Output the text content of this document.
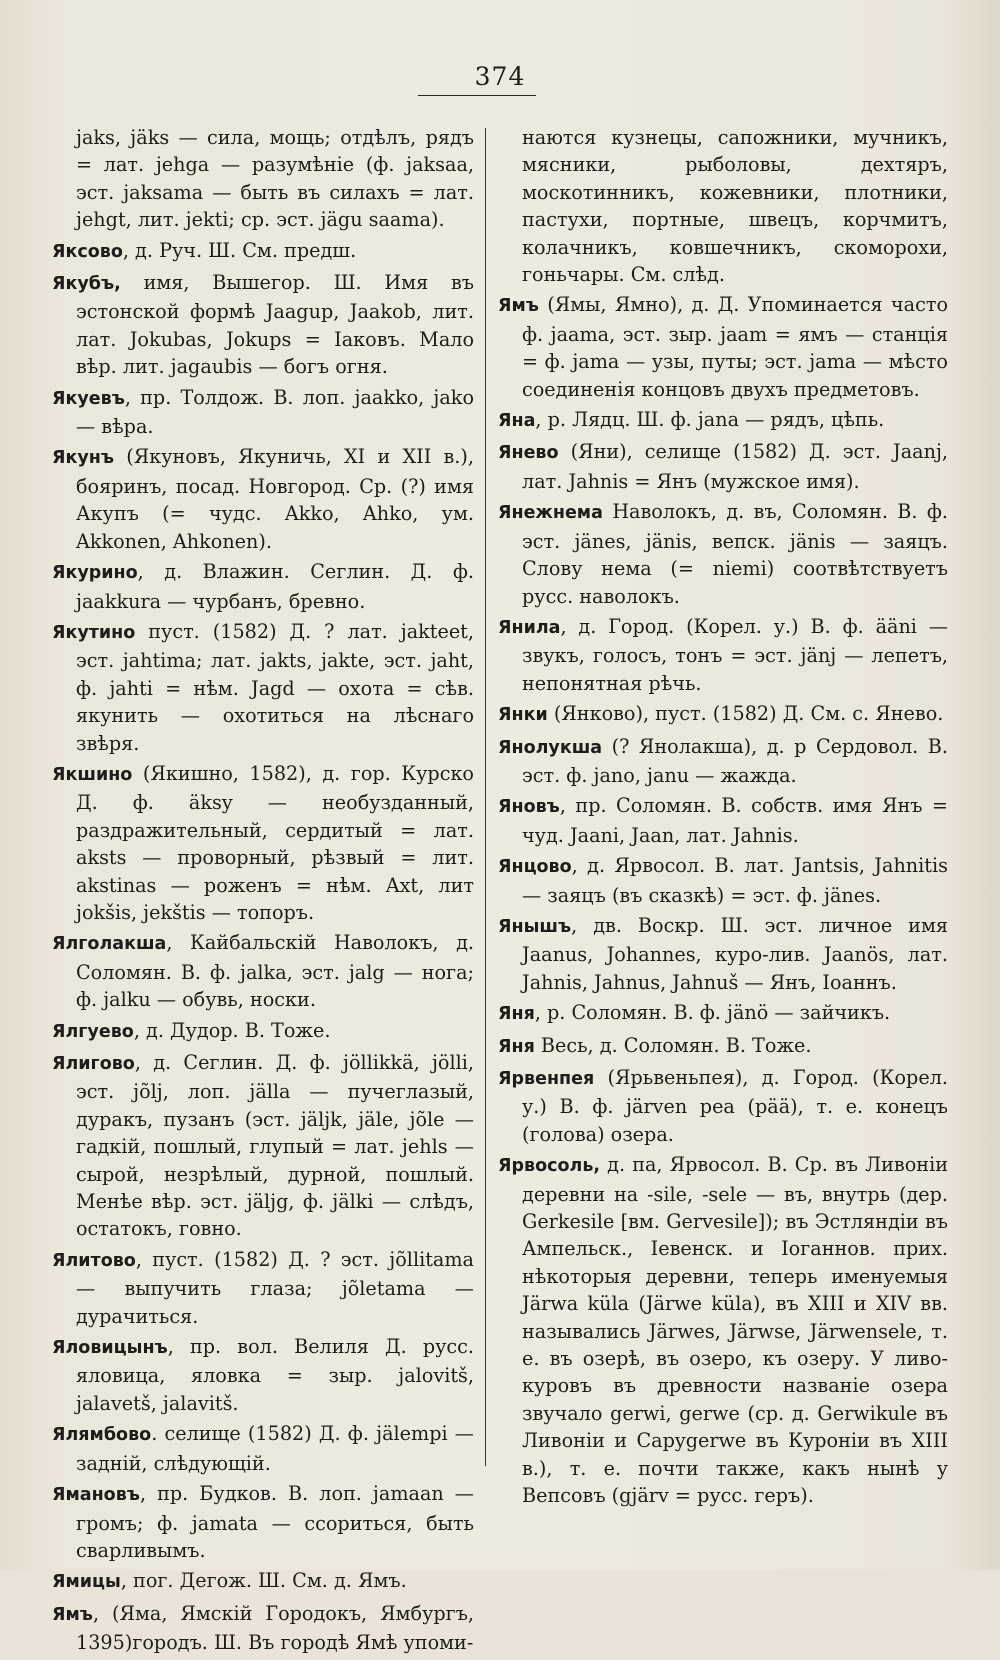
374

jaks, jäks — сила, мощь; отдѣлъ, рядъ = лат. jehga — разумѣніе (ф. jaksaa, эст. jaksama — быть въ силахъ = лат. jehgt, лит. jekti; ср. эст. jägu saama).

Яксово, д. Руч. Ш. См. предш.

Якубъ, имя, Вышегор. Ш. Имя въ эстонской формѣ Jaagup, Jaakob, лит. лат. Jokubas, Jokups = Іаковъ. Мало вѣр. лит. jagaubis — богъ огня.

Якуевъ, пр. Толдож. В. лоп. jaakko, jako — вѣра.

Якунъ (Якуновъ, Якуничь, XI и XII в.), бояринъ, посад. Новгород. Ср. (?) имя Акупъ (= чудс. Akko, Ahko, ум. Akkonen, Ahkonen).

Якурино, д. Влажин. Сеглин. Д. ф. jaakkura — чурбанъ, бревно.

Якутино пуст. (1582) Д. ? лат. jakteet, эст. jahtima; лат. jakts, jakte, эст. jaht, ф. jahti = нѣм. Jagd — охота = сѣв. якунить — охотиться на лѣснаго звѣря.

Якшино (Якишно, 1582), д. гор. Курско Д. ф. äksy — необузданный, раздражительный, сердитый = лат. aksts — проворный, рѣзвый = лит. akstinas — роженъ = нѣм. Axt, лит jokšis, jekštis — топоръ.

Ялголакша, Кайбальскій Наволокъ, д. Соломян. В. ф. jalka, эст. jalg — нога; ф. jalku — обувь, носки.

Ялгуево, д. Дудор. В. Тоже.

Ялигово, д. Сеглин. Д. ф. jöllikkä, jölli, эст. jõlj, лоп. jälla — пучеглазый, дуракъ, пузанъ (эст. jäljk, jäle, jõle — гадкій, пошлый, глупый = лат. jehls — сырой, незрѣлый, дурной, пошлый. Менѣе вѣр. эст. jäljg, ф. jälki — слѣдъ, остатокъ, говно.

Ялитово, пуст. (1582) Д. ? эст. jõllitama — выпучить глаза; jõletama — дурачиться.

Яловицынъ, пр. вол. Велиля Д. русс. яловица, яловка = зыр. jalovitš, jalavetš, jalavitš.

Ялямбово. селище (1582) Д. ф. jälempi — задній, слѣдующій.

Ямановъ, пр. Будков. В. лоп. jamaan — громъ; ф. jamata — ссориться, быть сварливымъ.

Ямицы, пог. Дегож. Ш. См. д. Ямъ.

Ямъ, (Яма, Ямскій Городокъ, Ямбургъ, 1395)городъ. Ш. Въ городѣ Ямѣ упоми-

наются кузнецы, сапожники, мучникъ, мясники, рыболовы, дехтяръ, москотинникъ, кожевники, плотники, пастухи, портные, швецъ, корчмитъ, колачникъ, ковшечникъ, скоморохи, гоньчары. См. слѣд.

Ямъ (Ямы, Ямно), д. Д. Упоминается часто ф. jaama, эст. зыр. jaam = ямъ — станція = ф. jama — узы, путы; эст. jama — мѣсто соединенія концовъ двухъ предметовъ.

Яна, р. Лядц. Ш. ф. jana — рядъ, цѣпь.

Янево (Яни), селище (1582) Д. эст. Jaanj, лат. Jahnis = Янъ (мужское имя).

Янежнема Наволокъ, д. въ, Соломян. В. ф. эст. jänes, jänis, вепск. jänis — заяцъ. Слову нема (= niemi) соотвѣтствуетъ русс. наволокъ.

Янила, д. Город. (Корел. у.) В. ф. ääni — звукъ, голосъ, тонъ = эст. jänj — лепетъ, непонятная рѣчь.

Янки (Янково), пуст. (1582) Д. См. с. Янево.

Янолукша (? Янолакша), д. р Сердовол. В. эст. ф. jano, janu — жажда.

Яновъ, пр. Соломян. В. собств. имя Янъ = чуд. Jaani, Jaan, лат. Jahnis.

Янцово, д. Ярвосол. В. лат. Jantsis, Jahnitis — заяцъ (въ сказкѣ) = эст. ф. jänes.

Янышъ, дв. Воскр. Ш. эст. личное имя Jaanus, Johannes, куро-лив. Jaanös, лат. Jahnis, Jahnus, Jahnuš — Янъ, Іоаннъ.

Яня, р. Соломян. В. ф. jänö — зайчикъ.

Яня Весь, д. Соломян. В. Тоже.

Ярвенпея (Ярьвеньпея), д. Город. (Корел. у.) В. ф. järven pea (pää), т. е. конецъ (голова) озера.

Ярвосоль, д. па, Ярвосол. В. Ср. въ Ливоніи деревни на -sile, -sele — въ, внутрь (дер. Gerkesile [вм. Gervesile]); въ Эстляндіи въ Ампельск., Іевенск. и Іоганнов. прих. нѣкоторыя деревни, теперь именуемыя Järwa küla (Järwe küla), въ XIII и XIV вв. назывались Järwes, Järwse, Järwensele, т. е. въ озерѣ, въ озеро, къ озеру. У ливо-куровъ въ древности названіе озера звучало gerwi, gerwe (ср. д. Gerwikule въ Ливоніи и Capygerwe въ Куроніи въ XIII в.), т. е. почти также, какъ нынѣ у Вепсовъ (gjärv = русс. геръ).
